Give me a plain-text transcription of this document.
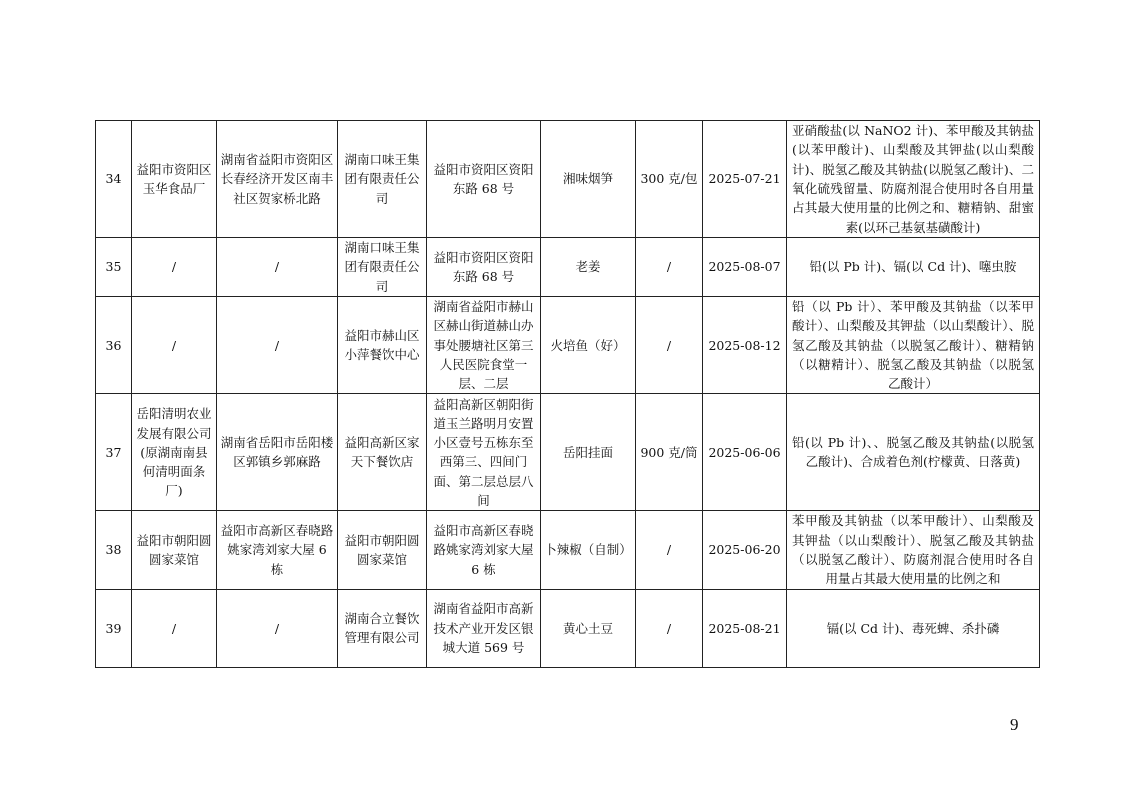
34	益阳市资阳区玉华食品厂	湖南省益阳市资阳区长春经济开发区南丰社区贺家桥北路	湖南口味王集团有限责任公司	益阳市资阳区资阳东路 68 号	湘味烟笋	300 克/包	2025-07-21	亚硝酸盐(以 NaNO2 计)、苯甲酸及其钠盐(以苯甲酸计)、山梨酸及其钾盐(以山梨酸计)、脱氢乙酸及其钠盐(以脱氢乙酸计)、二氧化硫残留量、防腐剂混合使用时各自用量占其最大使用量的比例之和、糖精钠、甜蜜素(以环己基氨基磺酸计)
35	/	/	湖南口味王集团有限责任公司	益阳市资阳区资阳东路 68 号	老姜	/	2025-08-07	铅(以 Pb 计)、镉(以 Cd 计)、噻虫胺
36	/	/	益阳市赫山区小萍餐饮中心	湖南省益阳市赫山区赫山街道赫山办事处腰塘社区第三人民医院食堂一层、二层	火培鱼（好）	/	2025-08-12	铅（以 Pb 计）、苯甲酸及其钠盐（以苯甲酸计）、山梨酸及其钾盐（以山梨酸计）、脱氢乙酸及其钠盐（以脱氢乙酸计）、糖精钠（以糖精计）、脱氢乙酸及其钠盐（以脱氢乙酸计）
37	岳阳清明农业发展有限公司(原湖南南县何清明面条厂)	湖南省岳阳市岳阳楼区郭镇乡郭麻路	益阳高新区家天下餐饮店	益阳高新区朝阳街道玉兰路明月安置小区壹号五栋东至西第三、四间门面、第二层总层八间	岳阳挂面	900 克/筒	2025-06-06	铅(以 Pb 计)、、脱氢乙酸及其钠盐(以脱氢乙酸计)、合成着色剂(柠檬黄、日落黄)
38	益阳市朝阳圆圆家菜馆	益阳市高新区春晓路姚家湾刘家大屋 6 栋	益阳市朝阳圆圆家菜馆	益阳市高新区春晓路姚家湾刘家大屋 6 栋	卜辣椒（自制）	/	2025-06-20	苯甲酸及其钠盐（以苯甲酸计）、山梨酸及其钾盐（以山梨酸计）、脱氢乙酸及其钠盐（以脱氢乙酸计）、防腐剂混合使用时各自用量占其最大使用量的比例之和
39	/	/	湖南合立餐饮管理有限公司	湖南省益阳市高新技术产业开发区银城大道 569 号	黄心土豆	/	2025-08-21	镉(以 Cd 计)、毒死蜱、杀扑磷
9
